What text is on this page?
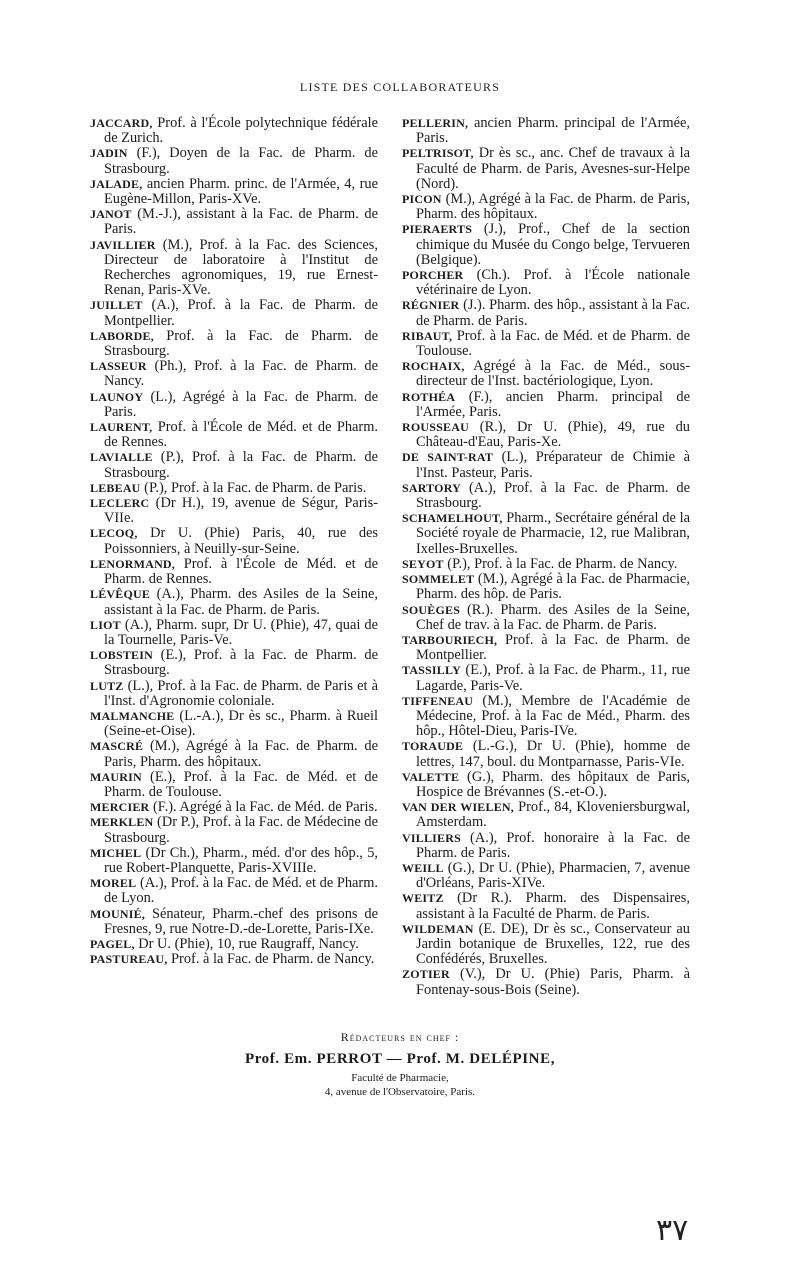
LISTE DES COLLABORATEURS

JACCARD, Prof. à l'École polytechnique fédérale de Zurich.

JADIN (F.), Doyen de la Fac. de Pharm. de Strasbourg.

JALADE, ancien Pharm. princ. de l'Armée, 4, rue Eugène-Millon, Paris-XVe.

JANOT (M.-J.), assistant à la Fac. de Pharm. de Paris.

JAVILLIER (M.), Prof. à la Fac. des Sciences, Directeur de laboratoire à l'Institut de Recherches agronomiques, 19, rue Ernest-Renan, Paris-XVe.

JUILLET (A.), Prof. à la Fac. de Pharm. de Montpellier.

LABORDE, Prof. à la Fac. de Pharm. de Strasbourg.

LASSEUR (Ph.), Prof. à la Fac. de Pharm. de Nancy.

LAUNOY (L.), Agrégé à la Fac. de Pharm. de Paris.

LAURENT, Prof. à l'École de Méd. et de Pharm. de Rennes.

LAVIALLE (P.), Prof. à la Fac. de Pharm. de Strasbourg.

LEBEAU (P.), Prof. à la Fac. de Pharm. de Paris.

LECLERC (Dr H.), 19, avenue de Ségur, Paris-VIIe.

LECOQ, Dr U. (Phie) Paris, 40, rue des Poissonniers, à Neuilly-sur-Seine.

LENORMAND, Prof. à l'École de Méd. et de Pharm. de Rennes.

LÉVÊQUE (A.), Pharm. des Asiles de la Seine, assistant à la Fac. de Pharm. de Paris.

LIOT (A.), Pharm. supr, Dr U. (Phie), 47, quai de la Tournelle, Paris-Ve.

LOBSTEIN (E.), Prof. à la Fac. de Pharm. de Strasbourg.

LUTZ (L.), Prof. à la Fac. de Pharm. de Paris et à l'Inst. d'Agronomie coloniale.

MALMANCHE (L.-A.), Dr ès sc., Pharm. à Rueil (Seine-et-Oise).

MASCRÉ (M.), Agrégé à la Fac. de Pharm. de Paris, Pharm. des hôpitaux.

MAURIN (E.), Prof. à la Fac. de Méd. et de Pharm. de Toulouse.

MERCIER (F.). Agrégé à la Fac. de Méd. de Paris.

MERKLEN (Dr P.), Prof. à la Fac. de Médecine de Strasbourg.

MICHEL (Dr Ch.), Pharm., méd. d'or des hôp., 5, rue Robert-Planquette, Paris-XVIIIe.

MOREL (A.), Prof. à la Fac. de Méd. et de Pharm. de Lyon.

MOUNIÉ, Sénateur, Pharm.-chef des prisons de Fresnes, 9, rue Notre-D.-de-Lorette, Paris-IXe.

PAGEL, Dr U. (Phie), 10, rue Raugraff, Nancy.

PASTUREAU, Prof. à la Fac. de Pharm. de Nancy.

PELLERIN, ancien Pharm. principal de l'Armée, Paris.

PELTRISOT, Dr ès sc., anc. Chef de travaux à la Faculté de Pharm. de Paris, Avesnes-sur-Helpe (Nord).

PICON (M.), Agrégé à la Fac. de Pharm. de Paris, Pharm. des hôpitaux.

PIERAERTS (J.), Prof., Chef de la section chimique du Musée du Congo belge, Tervueren (Belgique).

PORCHER (Ch.). Prof. à l'École nationale vétérinaire de Lyon.

RÉGNIER (J.). Pharm. des hôp., assistant à la Fac. de Pharm. de Paris.

RIBAUT, Prof. à la Fac. de Méd. et de Pharm. de Toulouse.

ROCHAIX, Agrégé à la Fac. de Méd., sous-directeur de l'Inst. bactériologique, Lyon.

ROTHÉA (F.), ancien Pharm. principal de l'Armée, Paris.

ROUSSEAU (R.), Dr U. (Phie), 49, rue du Château-d'Eau, Paris-Xe.

DE SAINT-RAT (L.), Préparateur de Chimie à l'Inst. Pasteur, Paris.

SARTORY (A.), Prof. à la Fac. de Pharm. de Strasbourg.

SCHAMELHOUT, Pharm., Secrétaire général de la Société royale de Pharmacie, 12, rue Malibran, Ixelles-Bruxelles.

SEYOT (P.), Prof. à la Fac. de Pharm. de Nancy.

SOMMELET (M.), Agrégé à la Fac. de Pharmacie, Pharm. des hôp. de Paris.

SOUÈGES (R.). Pharm. des Asiles de la Seine, Chef de trav. à la Fac. de Pharm. de Paris.

TARBOURIECH, Prof. à la Fac. de Pharm. de Montpellier.

TASSILLY (E.), Prof. à la Fac. de Pharm., 11, rue Lagarde, Paris-Ve.

TIFFENEAU (M.), Membre de l'Académie de Médecine, Prof. à la Fac de Méd., Pharm. des hôp., Hôtel-Dieu, Paris-IVe.

TORAUDE (L.-G.), Dr U. (Phie), homme de lettres, 147, boul. du Montparnasse, Paris-VIe.

VALETTE (G.), Pharm. des hôpitaux de Paris, Hospice de Brévannes (S.-et-O.).

VAN DER WIELEN, Prof., 84, Kloveniersburgwal, Amsterdam.

VILLIERS (A.), Prof. honoraire à la Fac. de Pharm. de Paris.

WEILL (G.), Dr U. (Phie), Pharmacien, 7, avenue d'Orléans, Paris-XIVe.

WEITZ (Dr R.). Pharm. des Dispensaires, assistant à la Faculté de Pharm. de Paris.

WILDEMAN (E. DE), Dr ès sc., Conservateur au Jardin botanique de Bruxelles, 122, rue des Confédérés, Bruxelles.

ZOTIER (V.), Dr U. (Phie) Paris, Pharm. à Fontenay-sous-Bois (Seine).

Rédacteurs en chef :
Prof. Em. PERROT — Prof. M. DELÉPINE,
Faculté de Pharmacie,
4, avenue de l'Observatoire, Paris.
٣٧
